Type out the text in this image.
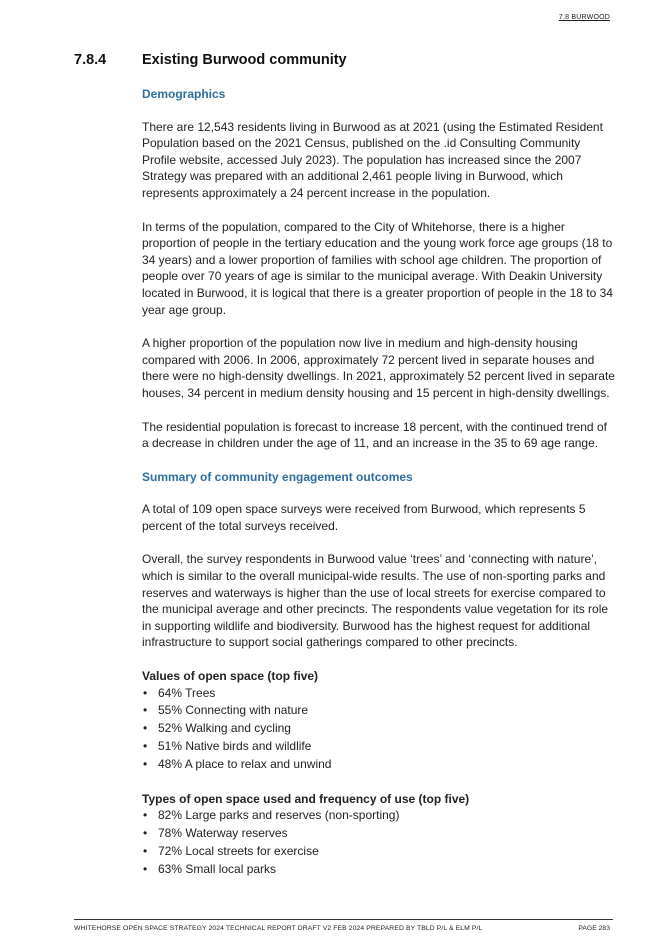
7.8 BURWOOD
7.8.4 Existing Burwood community

Demographics

There are 12,543 residents living in Burwood as at 2021 (using the Estimated Resident Population based on the 2021 Census, published on the .id Consulting Community Profile website, accessed July 2023). The population has increased since the 2007 Strategy was prepared with an additional 2,461 people living in Burwood, which represents approximately a 24 percent increase in the population.

In terms of the population, compared to the City of Whitehorse, there is a higher proportion of people in the tertiary education and the young work force age groups (18 to 34 years) and a lower proportion of families with school age children. The proportion of people over 70 years of age is similar to the municipal average. With Deakin University located in Burwood, it is logical that there is a greater proportion of people in the 18 to 34 year age group.

A higher proportion of the population now live in medium and high-density housing compared with 2006. In 2006, approximately 72 percent lived in separate houses and there were no high-density dwellings. In 2021, approximately 52 percent lived in separate houses, 34 percent in medium density housing and 15 percent in high-density dwellings.

The residential population is forecast to increase 18 percent, with the continued trend of a decrease in children under the age of 11, and an increase in the 35 to 69 age range.

Summary of community engagement outcomes

A total of 109 open space surveys were received from Burwood, which represents 5 percent of the total surveys received.

Overall, the survey respondents in Burwood value ‘trees’ and ‘connecting with nature’, which is similar to the overall municipal-wide results. The use of non-sporting parks and reserves and waterways is higher than the use of local streets for exercise compared to the municipal average and other precincts. The respondents value vegetation for its role in supporting wildlife and biodiversity. Burwood has the highest request for additional infrastructure to support social gatherings compared to other precincts.

Values of open space (top five)

• 64% Trees
• 55% Connecting with nature
• 52% Walking and cycling
• 51% Native birds and wildlife
• 48% A place to relax and unwind

Types of open space used and frequency of use (top five)

• 82% Large parks and reserves (non-sporting)
• 78% Waterway reserves
• 72% Local streets for exercise
• 63% Small local parks
WHITEHORSE OPEN SPACE STRATEGY 2024 TECHNICAL REPORT DRAFT V2 FEB 2024 PREPARED BY TBLD P/L & ELM P/L	PAGE 283
